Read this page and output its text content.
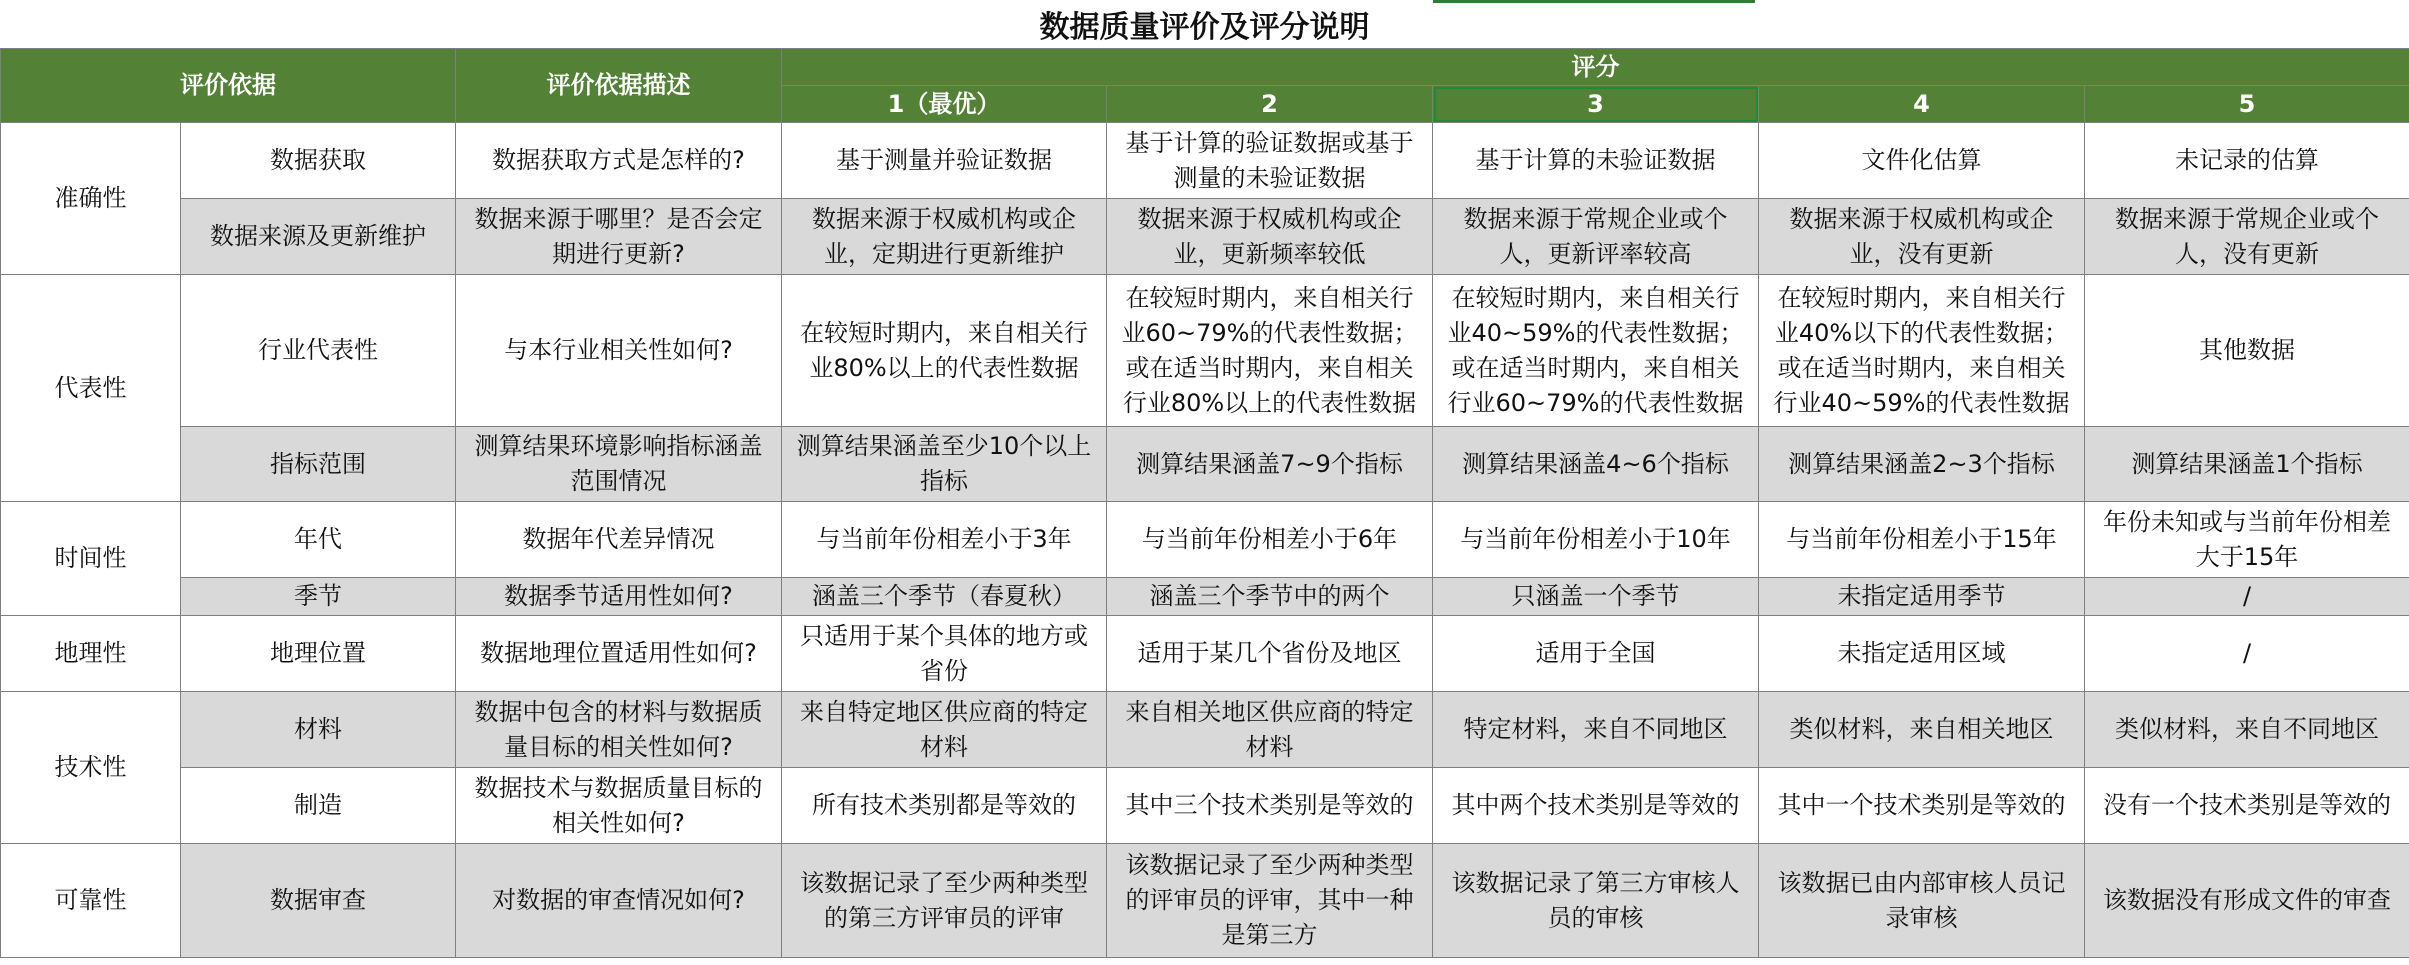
数据质量评价及评分说明
评价依据		评价依据描述	评分				
			1（最优）	2	3	4	5
准确性	数据获取	数据获取方式是怎样的?	基于测量并验证数据	基于计算的验证数据或基于测量的未验证数据	基于计算的未验证数据	文件化估算	未记录的估算
	数据来源及更新维护	数据来源于哪里？是否会定期进行更新?	数据来源于权威机构或企业，定期进行更新维护	数据来源于权威机构或企业，更新频率较低	数据来源于常规企业或个人，更新评率较高	数据来源于权威机构或企业，没有更新	数据来源于常规企业或个人，没有更新
代表性	行业代表性	与本行业相关性如何?	在较短时期内，来自相关行业80%以上的代表性数据	在较短时期内，来自相关行业60~79%的代表性数据；或在适当时期内，来自相关行业80%以上的代表性数据	在较短时期内，来自相关行业40~59%的代表性数据；或在适当时期内，来自相关行业60~79%的代表性数据	在较短时期内，来自相关行业40%以下的代表性数据；或在适当时期内，来自相关行业40~59%的代表性数据	其他数据
	指标范围	测算结果环境影响指标涵盖范围情况	测算结果涵盖至少10个以上指标	测算结果涵盖7~9个指标	测算结果涵盖4~6个指标	测算结果涵盖2~3个指标	测算结果涵盖1个指标
时间性	年代	数据年代差异情况	与当前年份相差小于3年	与当前年份相差小于6年	与当前年份相差小于10年	与当前年份相差小于15年	年份未知或与当前年份相差大于15年
	季节	数据季节适用性如何?	涵盖三个季节（春夏秋）	涵盖三个季节中的两个	只涵盖一个季节	未指定适用季节	/
地理性	地理位置	数据地理位置适用性如何?	只适用于某个具体的地方或省份	适用于某几个省份及地区	适用于全国	未指定适用区域	/
技术性	材料	数据中包含的材料与数据质量目标的相关性如何?	来自特定地区供应商的特定材料	来自相关地区供应商的特定材料	特定材料，来自不同地区	类似材料，来自相关地区	类似材料，来自不同地区
	制造	数据技术与数据质量目标的相关性如何?	所有技术类别都是等效的	其中三个技术类别是等效的	其中两个技术类别是等效的	其中一个技术类别是等效的	没有一个技术类别是等效的
可靠性	数据审查	对数据的审查情况如何?	该数据记录了至少两种类型的第三方评审员的评审	该数据记录了至少两种类型的评审员的评审，其中一种是第三方	该数据记录了第三方审核人员的审核	该数据已由内部审核人员记录审核	该数据没有形成文件的审查
